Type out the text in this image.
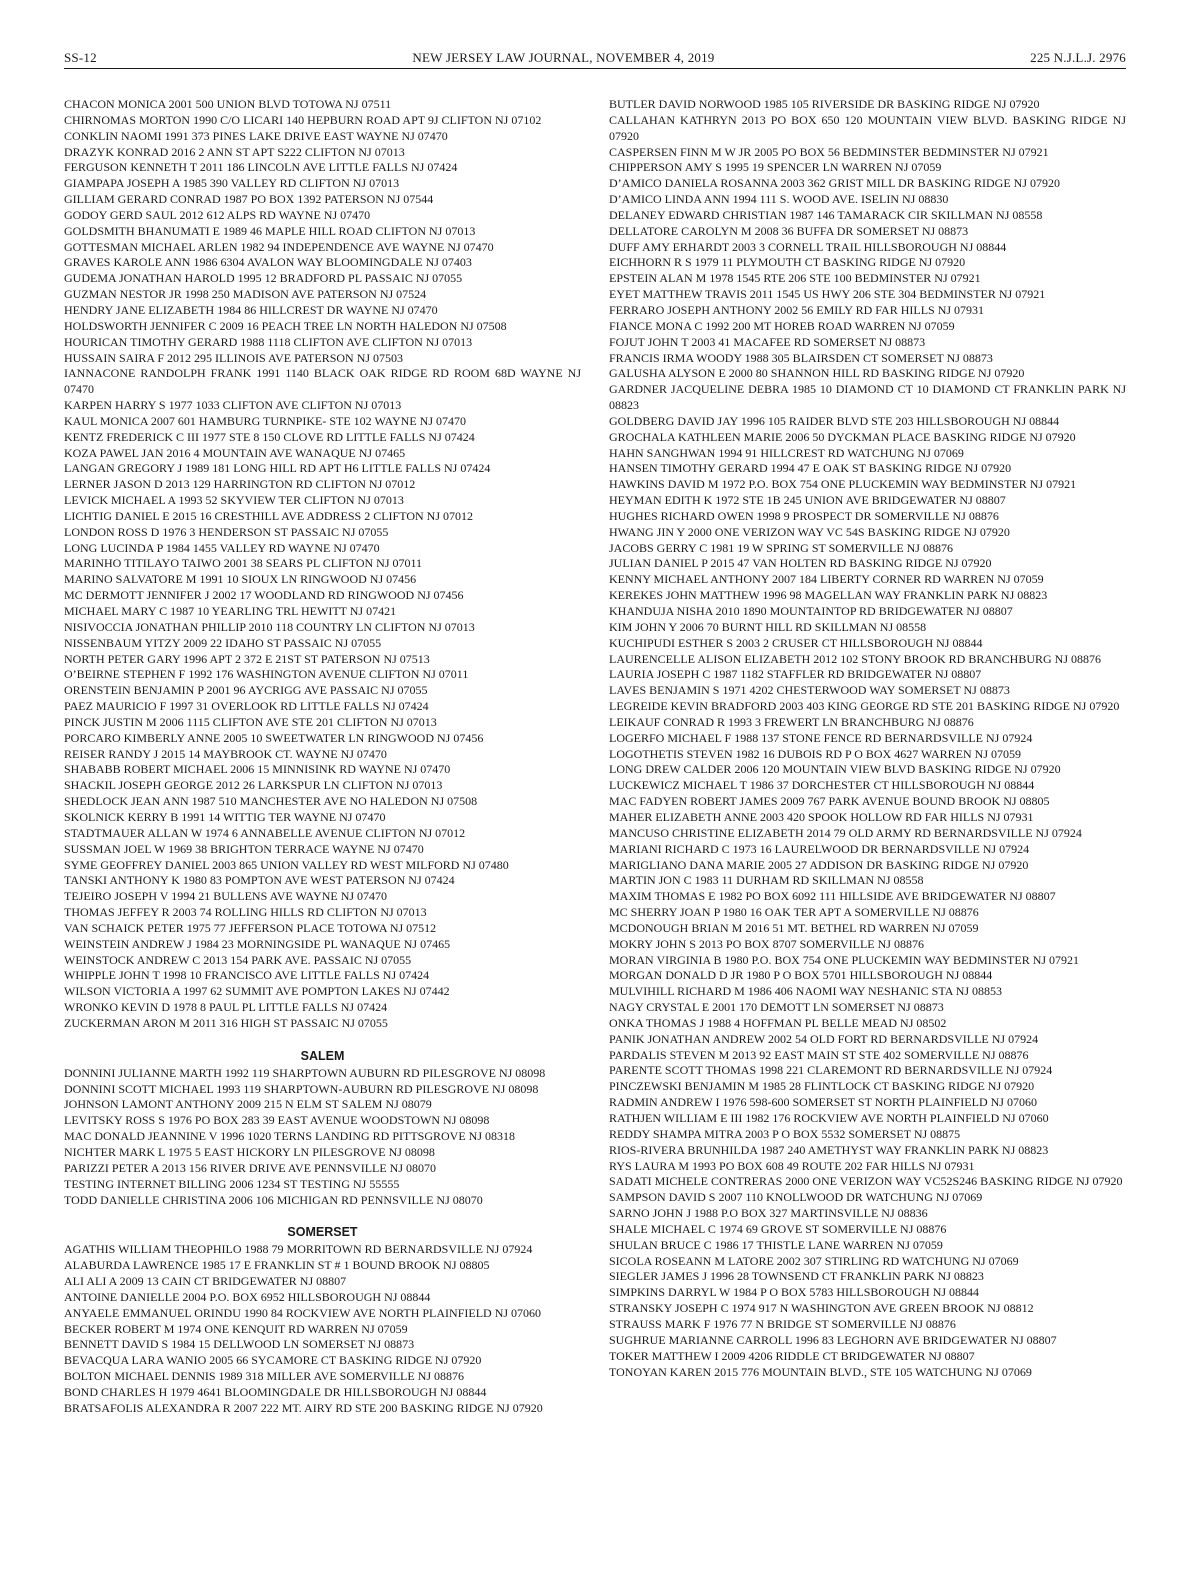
SS-12	NEW JERSEY LAW JOURNAL, NOVEMBER 4, 2019	225 N.J.L.J. 2976
CHACON MONICA 2001 500 UNION BLVD TOTOWA NJ 07511
CHIRNOMAS MORTON 1990 C/O LICARI 140 HEPBURN ROAD APT 9J CLIFTON NJ 07102
CONKLIN NAOMI 1991 373 PINES LAKE DRIVE EAST WAYNE NJ 07470
DRAZYK KONRAD 2016 2 ANN ST APT S222 CLIFTON NJ 07013
FERGUSON KENNETH T 2011 186 LINCOLN AVE LITTLE FALLS NJ 07424
GIAMPAPA JOSEPH A 1985 390 VALLEY RD CLIFTON NJ 07013
GILLIAM GERARD CONRAD 1987 PO BOX 1392 PATERSON NJ 07544
GODOY GERD SAUL 2012 612 ALPS RD WAYNE NJ 07470
GOLDSMITH BHANUMATI E 1989 46 MAPLE HILL ROAD CLIFTON NJ 07013
GOTTESMAN MICHAEL ARLEN 1982 94 INDEPENDENCE AVE WAYNE NJ 07470
GRAVES KAROLE ANN 1986 6304 AVALON WAY BLOOMINGDALE NJ 07403
GUDEMA JONATHAN HAROLD 1995 12 BRADFORD PL PASSAIC NJ 07055
GUZMAN NESTOR JR 1998 250 MADISON AVE PATERSON NJ 07524
HENDRY JANE ELIZABETH 1984 86 HILLCREST DR WAYNE NJ 07470
HOLDSWORTH JENNIFER C 2009 16 PEACH TREE LN NORTH HALEDON NJ 07508
HOURICAN TIMOTHY GERARD 1988 1118 CLIFTON AVE CLIFTON NJ 07013
HUSSAIN SAIRA F 2012 295 ILLINOIS AVE PATERSON NJ 07503
IANNACONE RANDOLPH FRANK 1991 1140 BLACK OAK RIDGE RD ROOM 68D WAYNE NJ 07470
KARPEN HARRY S 1977 1033 CLIFTON AVE CLIFTON NJ 07013
KAUL MONICA 2007 601 HAMBURG TURNPIKE- STE 102 WAYNE NJ 07470
KENTZ FREDERICK C III 1977 STE 8 150 CLOVE RD LITTLE FALLS NJ 07424
KOZA PAWEL JAN 2016 4 MOUNTAIN AVE WANAQUE NJ 07465
LANGAN GREGORY J 1989 181 LONG HILL RD APT H6 LITTLE FALLS NJ 07424
LERNER JASON D 2013 129 HARRINGTON RD CLIFTON NJ 07012
LEVICK MICHAEL A 1993 52 SKYVIEW TER CLIFTON NJ 07013
LICHTIG DANIEL E 2015 16 CRESTHILL AVE ADDRESS 2 CLIFTON NJ 07012
LONDON ROSS D 1976 3 HENDERSON ST PASSAIC NJ 07055
LONG LUCINDA P 1984 1455 VALLEY RD WAYNE NJ 07470
MARINHO TITILAYO TAIWO 2001 38 SEARS PL CLIFTON NJ 07011
MARINO SALVATORE M 1991 10 SIOUX LN RINGWOOD NJ 07456
MC DERMOTT JENNIFER J 2002 17 WOODLAND RD RINGWOOD NJ 07456
MICHAEL MARY C 1987 10 YEARLING TRL HEWITT NJ 07421
NISIVOCCIA JONATHAN PHILLIP 2010 118 COUNTRY LN CLIFTON NJ 07013
NISSENBAUM YITZY 2009 22 IDAHO ST PASSAIC NJ 07055
NORTH PETER GARY 1996 APT 2 372 E 21ST ST PATERSON NJ 07513
O’BEIRNE STEPHEN F 1992 176 WASHINGTON AVENUE CLIFTON NJ 07011
ORENSTEIN BENJAMIN P 2001 96 AYCRIGG AVE PASSAIC NJ 07055
PAEZ MAURICIO F 1997 31 OVERLOOK RD LITTLE FALLS NJ 07424
PINCK JUSTIN M 2006 1115 CLIFTON AVE STE 201 CLIFTON NJ 07013
PORCARO KIMBERLY ANNE 2005 10 SWEETWATER LN RINGWOOD NJ 07456
REISER RANDY J 2015 14 MAYBROOK CT. WAYNE NJ 07470
SHABABB ROBERT MICHAEL 2006 15 MINNISINK RD WAYNE NJ 07470
SHACKIL JOSEPH GEORGE 2012 26 LARKSPUR LN CLIFTON NJ 07013
SHEDLOCK JEAN ANN 1987 510 MANCHESTER AVE NO HALEDON NJ 07508
SKOLNICK KERRY B 1991 14 WITTIG TER WAYNE NJ 07470
STADTMAUER ALLAN W 1974 6 ANNABELLE AVENUE CLIFTON NJ 07012
SUSSMAN JOEL W 1969 38 BRIGHTON TERRACE WAYNE NJ 07470
SYME GEOFFREY DANIEL 2003 865 UNION VALLEY RD WEST MILFORD NJ 07480
TANSKI ANTHONY K 1980 83 POMPTON AVE WEST PATERSON NJ 07424
TEJEIRO JOSEPH V 1994 21 BULLENS AVE WAYNE NJ 07470
THOMAS JEFFEY R 2003 74 ROLLING HILLS RD CLIFTON NJ 07013
VAN SCHAICK PETER 1975 77 JEFFERSON PLACE TOTOWA NJ 07512
WEINSTEIN ANDREW J 1984 23 MORNINGSIDE PL WANAQUE NJ 07465
WEINSTOCK ANDREW C 2013 154 PARK AVE. PASSAIC NJ 07055
WHIPPLE JOHN T 1998 10 FRANCISCO AVE LITTLE FALLS NJ 07424
WILSON VICTORIA A 1997 62 SUMMIT AVE POMPTON LAKES NJ 07442
WRONKO KEVIN D 1978 8 PAUL PL LITTLE FALLS NJ 07424
ZUCKERMAN ARON M 2011 316 HIGH ST PASSAIC NJ 07055
SALEM
DONNINI JULIANNE MARTH 1992 119 SHARPTOWN AUBURN RD PILESGROVE NJ 08098
DONNINI SCOTT MICHAEL 1993 119 SHARPTOWN-AUBURN RD PILESGROVE NJ 08098
JOHNSON LAMONT ANTHONY 2009 215 N ELM ST SALEM NJ 08079
LEVITSKY ROSS S 1976 PO BOX 283 39 EAST AVENUE WOODSTOWN NJ 08098
MAC DONALD JEANNINE V 1996 1020 TERNS LANDING RD PITTSGROVE NJ 08318
NICHTER MARK L 1975 5 EAST HICKORY LN PILESGROVE NJ 08098
PARIZZI PETER A 2013 156 RIVER DRIVE AVE PENNSVILLE NJ 08070
TESTING INTERNET BILLING 2006 1234 ST TESTING NJ 55555
TODD DANIELLE CHRISTINA 2006 106 MICHIGAN RD PENNSVILLE NJ 08070
SOMERSET
AGATHIS WILLIAM THEOPHILO 1988 79 MORRITOWN RD BERNARDSVILLE NJ 07924
ALABURDA LAWRENCE 1985 17 E FRANKLIN ST # 1 BOUND BROOK NJ 08805
ALI ALI A 2009 13 CAIN CT BRIDGEWATER NJ 08807
ANTOINE DANIELLE 2004 P.O. BOX 6952 HILLSBOROUGH NJ 08844
ANYAELE EMMANUEL ORINDU 1990 84 ROCKVIEW AVE NORTH PLAINFIELD NJ 07060
BECKER ROBERT M 1974 ONE KENQUIT RD WARREN NJ 07059
BENNETT DAVID S 1984 15 DELLWOOD LN SOMERSET NJ 08873
BEVACQUA LARA WANIO 2005 66 SYCAMORE CT BASKING RIDGE NJ 07920
BOLTON MICHAEL DENNIS 1989 318 MILLER AVE SOMERVILLE NJ 08876
BOND CHARLES H 1979 4641 BLOOMINGDALE DR HILLSBOROUGH NJ 08844
BRATSAFOLIS ALEXANDRA R 2007 222 MT. AIRY RD STE 200 BASKING RIDGE NJ 07920
BUTLER DAVID NORWOOD 1985 105 RIVERSIDE DR BASKING RIDGE NJ 07920
CALLAHAN KATHRYN 2013 PO BOX 650 120 MOUNTAIN VIEW BLVD. BASKING RIDGE NJ 07920
CASPERSEN FINN M W JR 2005 PO BOX 56 BEDMINSTER BEDMINSTER NJ 07921
CHIPPERSON AMY S 1995 19 SPENCER LN WARREN NJ 07059
D’AMICO DANIELA ROSANNA 2003 362 GRIST MILL DR BASKING RIDGE NJ 07920
D’AMICO LINDA ANN 1994 111 S. WOOD AVE. ISELIN NJ 08830
DELANEY EDWARD CHRISTIAN 1987 146 TAMARACK CIR SKILLMAN NJ 08558
DELLATORE CAROLYN M 2008 36 BUFFA DR SOMERSET NJ 08873
DUFF AMY ERHARDT 2003 3 CORNELL TRAIL HILLSBOROUGH NJ 08844
EICHHORN R S 1979 11 PLYMOUTH CT BASKING RIDGE NJ 07920
EPSTEIN ALAN M 1978 1545 RTE 206 STE 100 BEDMINSTER NJ 07921
EYET MATTHEW TRAVIS 2011 1545 US HWY 206 STE 304 BEDMINSTER NJ 07921
FERRARO JOSEPH ANTHONY 2002 56 EMILY RD FAR HILLS NJ 07931
FIANCE MONA C 1992 200 MT HOREB ROAD WARREN NJ 07059
FOJUT JOHN T 2003 41 MACAFEE RD SOMERSET NJ 08873
FRANCIS IRMA WOODY 1988 305 BLAIRSDEN CT SOMERSET NJ 08873
GALUSHA ALYSON E 2000 80 SHANNON HILL RD BASKING RIDGE NJ 07920
GARDNER JACQUELINE DEBRA 1985 10 DIAMOND CT 10 DIAMOND CT FRANKLIN PARK NJ 08823
GOLDBERG DAVID JAY 1996 105 RAIDER BLVD STE 203 HILLSBOROUGH NJ 08844
GROCHALA KATHLEEN MARIE 2006 50 DYCKMAN PLACE BASKING RIDGE NJ 07920
HAHN SANGHWAN 1994 91 HILLCREST RD WATCHUNG NJ 07069
HANSEN TIMOTHY GERARD 1994 47 E OAK ST BASKING RIDGE NJ 07920
HAWKINS DAVID M 1972 P.O. BOX 754 ONE PLUCKEMIN WAY BEDMINSTER NJ 07921
HEYMAN EDITH K 1972 STE 1B 245 UNION AVE BRIDGEWATER NJ 08807
HUGHES RICHARD OWEN 1998 9 PROSPECT DR SOMERVILLE NJ 08876
HWANG JIN Y 2000 ONE VERIZON WAY VC 54S BASKING RIDGE NJ 07920
JACOBS GERRY C 1981 19 W SPRING ST SOMERVILLE NJ 08876
JULIAN DANIEL P 2015 47 VAN HOLTEN RD BASKING RIDGE NJ 07920
KENNY MICHAEL ANTHONY 2007 184 LIBERTY CORNER RD WARREN NJ 07059
KEREKES JOHN MATTHEW 1996 98 MAGELLAN WAY FRANKLIN PARK NJ 08823
KHANDUJA NISHA 2010 1890 MOUNTAINTOP RD BRIDGEWATER NJ 08807
KIM JOHN Y 2006 70 BURNT HILL RD SKILLMAN NJ 08558
KUCHIPUDI ESTHER S 2003 2 CRUSER CT HILLSBOROUGH NJ 08844
LAURENCELLE ALISON ELIZABETH 2012 102 STONY BROOK RD BRANCHBURG NJ 08876
LAURIA JOSEPH C 1987 1182 STAFFLER RD BRIDGEWATER NJ 08807
LAVES BENJAMIN S 1971 4202 CHESTERWOOD WAY SOMERSET NJ 08873
LEGREIDE KEVIN BRADFORD 2003 403 KING GEORGE RD STE 201 BASKING RIDGE NJ 07920
LEIKAUF CONRAD R 1993 3 FREWERT LN BRANCHBURG NJ 08876
LOGERFO MICHAEL F 1988 137 STONE FENCE RD BERNARDSVILLE NJ 07924
LOGOTHETIS STEVEN 1982 16 DUBOIS RD P O BOX 4627 WARREN NJ 07059
LONG DREW CALDER 2006 120 MOUNTAIN VIEW BLVD BASKING RIDGE NJ 07920
LUCKEWICZ MICHAEL T 1986 37 DORCHESTER CT HILLSBOROUGH NJ 08844
MAC FADYEN ROBERT JAMES 2009 767 PARK AVENUE BOUND BROOK NJ 08805
MAHER ELIZABETH ANNE 2003 420 SPOOK HOLLOW RD FAR HILLS NJ 07931
MANCUSO CHRISTINE ELIZABETH 2014 79 OLD ARMY RD BERNARDSVILLE NJ 07924
MARIANI RICHARD C 1973 16 LAURELWOOD DR BERNARDSVILLE NJ 07924
MARIGLIANO DANA MARIE 2005 27 ADDISON DR BASKING RIDGE NJ 07920
MARTIN JON C 1983 11 DURHAM RD SKILLMAN NJ 08558
MAXIM THOMAS E 1982 PO BOX 6092 111 HILLSIDE AVE BRIDGEWATER NJ 08807
MC SHERRY JOAN P 1980 16 OAK TER APT A SOMERVILLE NJ 08876
MCDONOUGH BRIAN M 2016 51 MT. BETHEL RD WARREN NJ 07059
MOKRY JOHN S 2013 PO BOX 8707 SOMERVILLE NJ 08876
MORAN VIRGINIA B 1980 P.O. BOX 754 ONE PLUCKEMIN WAY BEDMINSTER NJ 07921
MORGAN DONALD D JR 1980 P O BOX 5701 HILLSBOROUGH NJ 08844
MULVIHILL RICHARD M 1986 406 NAOMI WAY NESHANIC STA NJ 08853
NAGY CRYSTAL E 2001 170 DEMOTT LN SOMERSET NJ 08873
ONKA THOMAS J 1988 4 HOFFMAN PL BELLE MEAD NJ 08502
PANIK JONATHAN ANDREW 2002 54 OLD FORT RD BERNARDSVILLE NJ 07924
PARDALIS STEVEN M 2013 92 EAST MAIN ST STE 402 SOMERVILLE NJ 08876
PARENTE SCOTT THOMAS 1998 221 CLAREMONT RD BERNARDSVILLE NJ 07924
PINCZEWSKI BENJAMIN M 1985 28 FLINTLOCK CT BASKING RIDGE NJ 07920
RADMIN ANDREW I 1976 598-600 SOMERSET ST NORTH PLAINFIELD NJ 07060
RATHJEN WILLIAM E III 1982 176 ROCKVIEW AVE NORTH PLAINFIELD NJ 07060
REDDY SHAMPA MITRA 2003 P O BOX 5532 SOMERSET NJ 08875
RIOS-RIVERA BRUNHILDA 1987 240 AMETHYST WAY FRANKLIN PARK NJ 08823
RYS LAURA M 1993 PO BOX 608 49 ROUTE 202 FAR HILLS NJ 07931
SADATI MICHELE CONTRERAS 2000 ONE VERIZON WAY VC52S246 BASKING RIDGE NJ 07920
SAMPSON DAVID S 2007 110 KNOLLWOOD DR WATCHUNG NJ 07069
SARNO JOHN J 1988 P.O BOX 327 MARTINSVILLE NJ 08836
SHALE MICHAEL C 1974 69 GROVE ST SOMERVILLE NJ 08876
SHULAN BRUCE C 1986 17 THISTLE LANE WARREN NJ 07059
SICOLA ROSEANN M LATORE 2002 307 STIRLING RD WATCHUNG NJ 07069
SIEGLER JAMES J 1996 28 TOWNSEND CT FRANKLIN PARK NJ 08823
SIMPKINS DARRYL W 1984 P O BOX 5783 HILLSBOROUGH NJ 08844
STRANSKY JOSEPH C 1974 917 N WASHINGTON AVE GREEN BROOK NJ 08812
STRAUSS MARK F 1976 77 N BRIDGE ST SOMERVILLE NJ 08876
SUGHRUE MARIANNE CARROLL 1996 83 LEGHORN AVE BRIDGEWATER NJ 08807
TOKER MATTHEW I 2009 4206 RIDDLE CT BRIDGEWATER NJ 08807
TONOYAN KAREN 2015 776 MOUNTAIN BLVD., STE 105 WATCHUNG NJ 07069
